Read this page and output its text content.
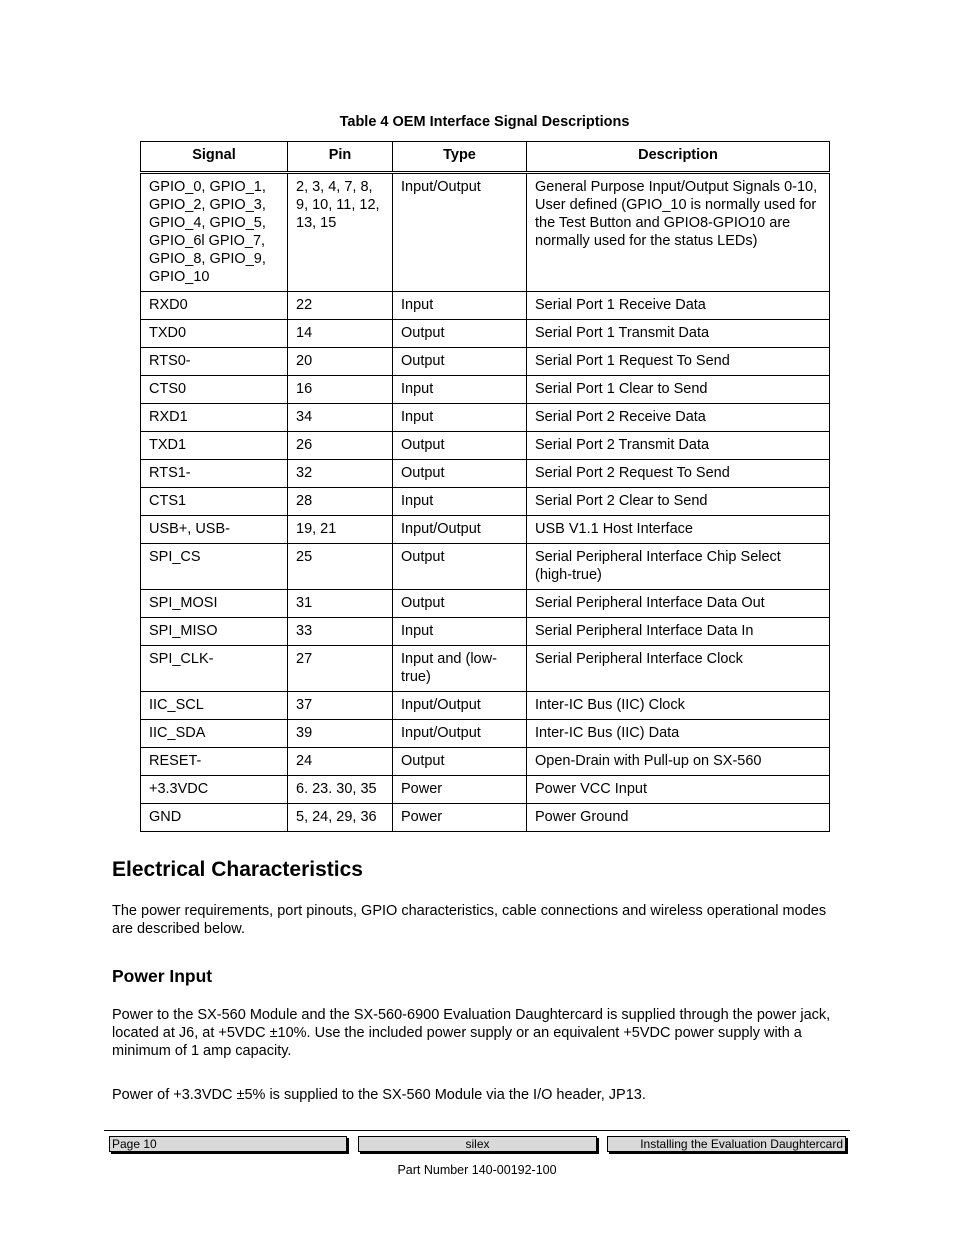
Table 4 OEM Interface Signal Descriptions
Signal	Pin	Type	Description
GPIO_0, GPIO_1, GPIO_2, GPIO_3, GPIO_4, GPIO_5, GPIO_6l GPIO_7, GPIO_8, GPIO_9, GPIO_10	2, 3, 4, 7, 8, 9, 10, 11, 12, 13, 15	Input/Output	General Purpose Input/Output Signals 0-10, User defined (GPIO_10 is normally used for the Test Button and GPIO8-GPIO10 are normally used for the status LEDs)
RXD0	22	Input	Serial Port 1 Receive Data
TXD0	14	Output	Serial Port 1 Transmit Data
RTS0-	20	Output	Serial Port 1 Request To Send
CTS0	16	Input	Serial Port 1 Clear to Send
RXD1	34	Input	Serial Port 2 Receive Data
TXD1	26	Output	Serial Port 2 Transmit Data
RTS1-	32	Output	Serial Port 2 Request To Send
CTS1	28	Input	Serial Port 2 Clear to Send
USB+, USB-	19, 21	Input/Output	USB V1.1 Host Interface
SPI_CS	25	Output	Serial Peripheral Interface Chip Select (high-true)
SPI_MOSI	31	Output	Serial Peripheral Interface Data Out
SPI_MISO	33	Input	Serial Peripheral Interface Data In
SPI_CLK-	27	Input and (low-true)	Serial Peripheral Interface Clock
IIC_SCL	37	Input/Output	Inter-IC Bus (IIC) Clock
IIC_SDA	39	Input/Output	Inter-IC Bus (IIC) Data
RESET-	24	Output	Open-Drain with Pull-up on SX-560
+3.3VDC	6. 23. 30, 35	Power	Power VCC Input
GND	5, 24, 29, 36	Power	Power Ground
Electrical Characteristics

The power requirements, port pinouts, GPIO characteristics, cable connections and wireless operational modes are described below.

Power Input

Power to the SX-560 Module and the SX-560-6900 Evaluation Daughtercard is supplied through the power jack, located at J6, at +5VDC ±10%. Use the included power supply or an equivalent +5VDC power supply with a minimum of 1 amp capacity.

Power of +3.3VDC ±5% is supplied to the SX-560 Module via the I/O header, JP13.

Page 10	silex	Installing the Evaluation Daughtercard
Part Number 140-00192-100
